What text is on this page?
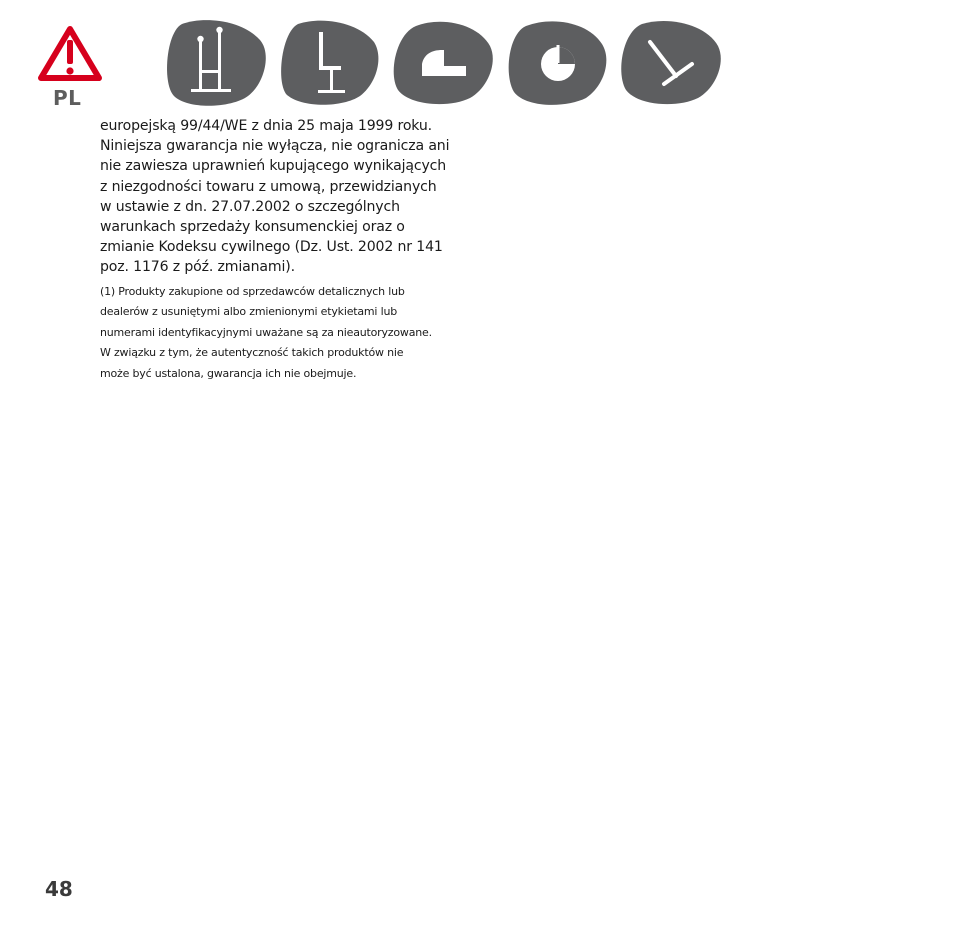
PL
europejską 99/44/WE z dnia 25 maja 1999 roku.
Niniejsza gwarancja nie wyłącza, nie ogranicza ani
nie zawiesza uprawnień kupującego wynikających
z niezgodności towaru z umową, przewidzianych
w ustawie z dn. 27.07.2002 o szczególnych
warunkach sprzedaży konsumenckiej oraz o
zmianie Kodeksu cywilnego (Dz. Ust. 2002 nr 141
poz. 1176 z póź. zmianami).
(1) Produkty zakupione od sprzedawców detalicznych lub
dealerów z usuniętymi albo zmienionymi etykietami lub
numerami identyfikacyjnymi uważane są za nieautoryzowane.
W związku z tym, że autentyczność takich produktów nie
może być ustalona, gwarancja ich nie obejmuje.
48
